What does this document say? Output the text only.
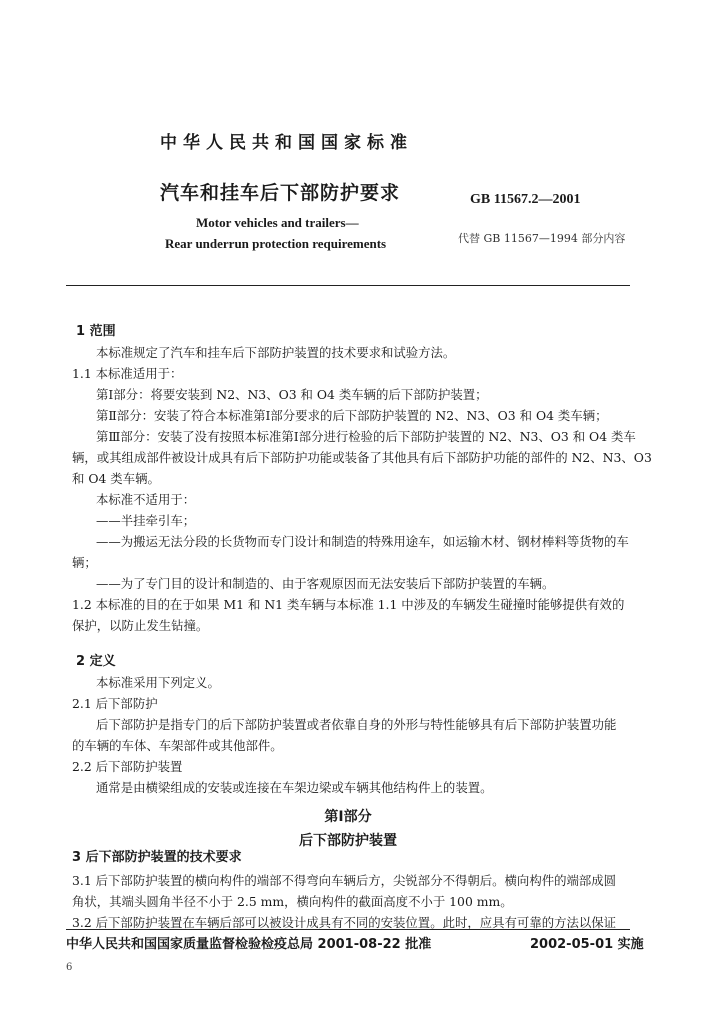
中华人民共和国国家标准
汽车和挂车后下部防护要求	GB 11567.2—2001
Motor vehicles and trailers—
Rear underrun protection requirements	代替 GB 11567—1994 部分内容
1 范围
本标准规定了汽车和挂车后下部防护装置的技术要求和试验方法。
1.1 本标准适用于：
第Ⅰ部分：将要安装到 N2、N3、O3 和 O4 类车辆的后下部防护装置；
第Ⅱ部分：安装了符合本标准第Ⅰ部分要求的后下部防护装置的 N2、N3、O3 和 O4 类车辆；
第Ⅲ部分：安装了没有按照本标准第Ⅰ部分进行检验的后下部防护装置的 N2、N3、O3 和 O4 类车
辆，或其组成部件被设计成具有后下部防护功能或装备了其他具有后下部防护功能的部件的 N2、N3、O3
和 O4 类车辆。
本标准不适用于：
——半挂牵引车；
——为搬运无法分段的长货物而专门设计和制造的特殊用途车，如运输木材、钢材棒料等货物的车
辆；
——为了专门目的设计和制造的、由于客观原因而无法安装后下部防护装置的车辆。
1.2 本标准的目的在于如果 M1 和 N1 类车辆与本标准 1.1 中涉及的车辆发生碰撞时能够提供有效的
保护，以防止发生钻撞。
2 定义
本标准采用下列定义。
2.1 后下部防护
后下部防护是指专门的后下部防护装置或者依靠自身的外形与特性能够具有后下部防护装置功能
的车辆的车体、车架部件或其他部件。
2.2 后下部防护装置
通常是由横梁组成的安装或连接在车架边梁或车辆其他结构件上的装置。
第Ⅰ部分
后下部防护装置
3 后下部防护装置的技术要求
3.1 后下部防护装置的横向构件的端部不得弯向车辆后方，尖锐部分不得朝后。横向构件的端部成圆
角状，其端头圆角半径不小于 2.5 mm，横向构件的截面高度不小于 100 mm。
3.2 后下部防护装置在车辆后部可以被设计成具有不同的安装位置。此时，应具有可靠的方法以保证
中华人民共和国国家质量监督检验检疫总局 2001-08-22 批准	2002-05-01 实施
6
